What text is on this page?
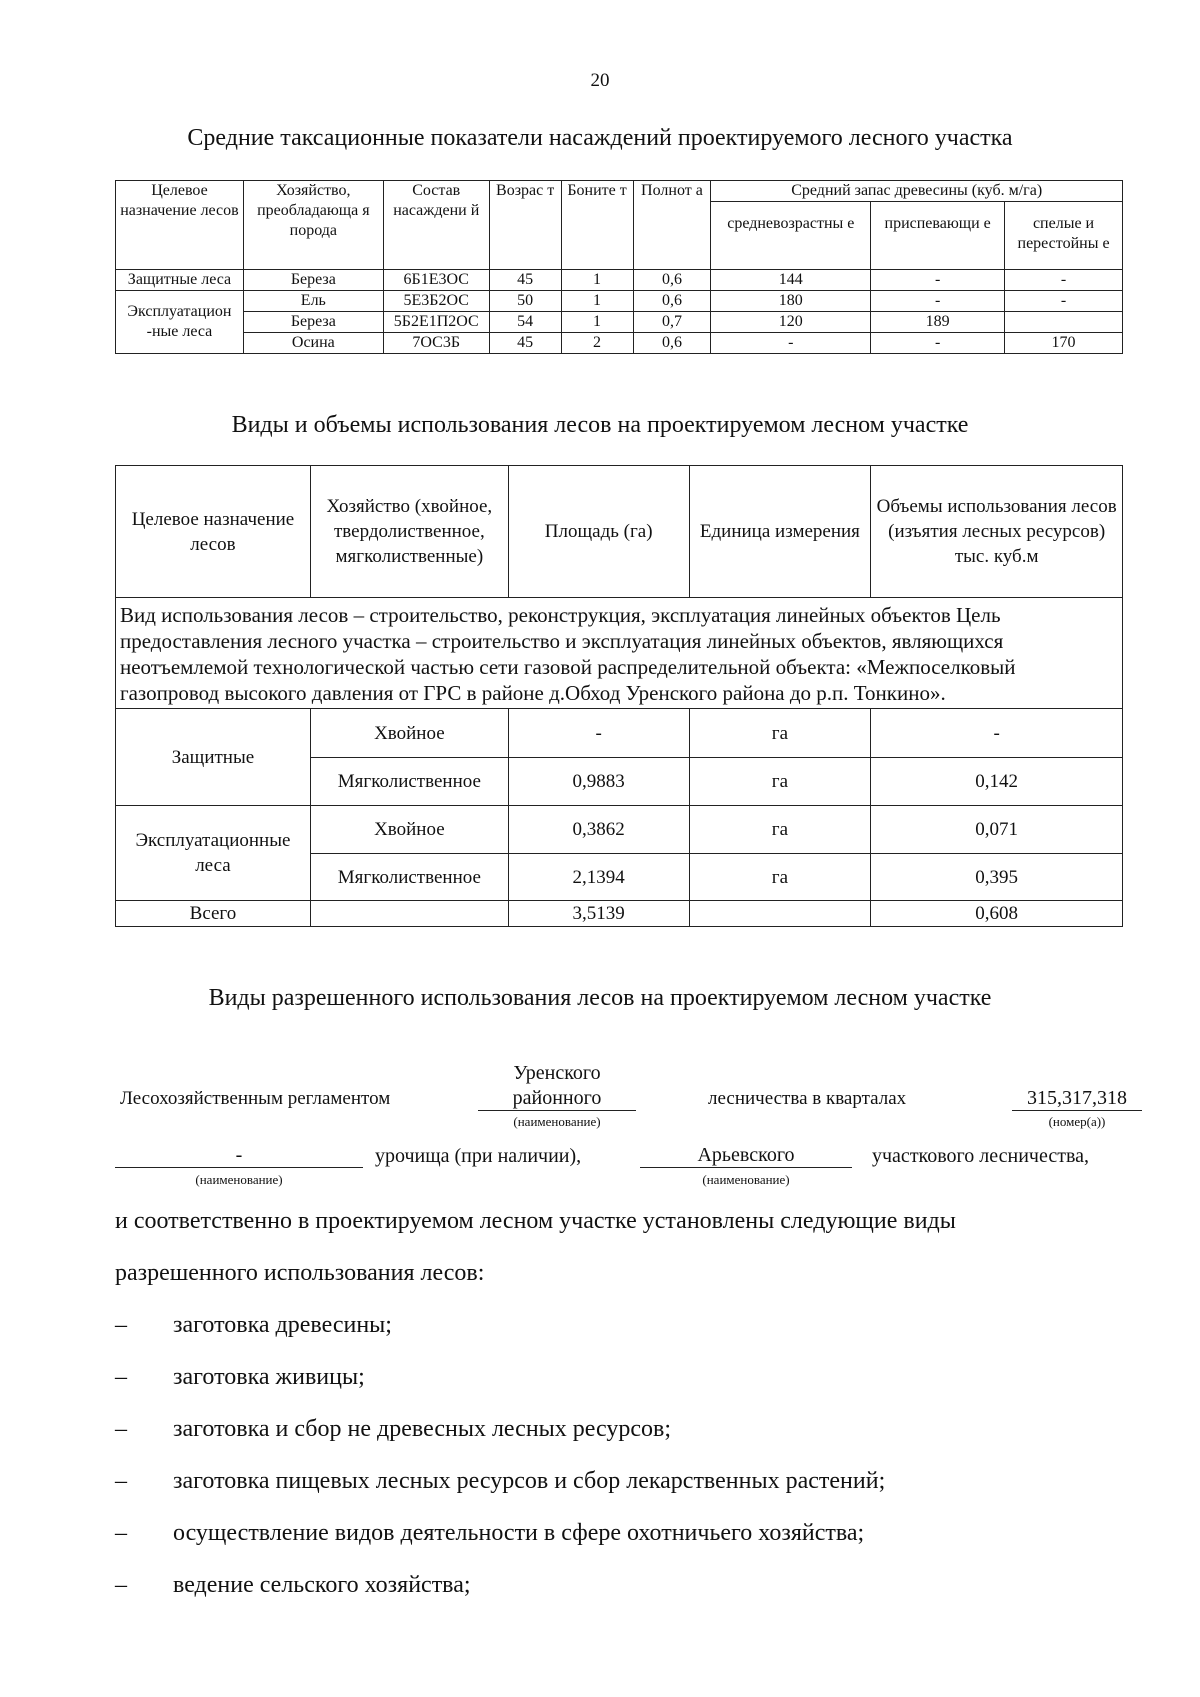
20
Средние таксационные показатели насаждений проектируемого лесного участка
Целевое назначение лесов	Хозяйство, преобладающа я порода	Состав насаждени й	Возрас т	Боните т	Полнот а	Средний запас древесины (куб. м/га)		
						средневозрастны е	приспевающи е	спелые и перестойны е
Защитные леса	Береза	6Б1Е3ОС	45	1	0,6	144	-	-
Эксплуатацион -ные леса	Ель	5Е3Б2ОС	50	1	0,6	180	-	-
	Береза	5Б2Е1П2ОС	54	1	0,7	120	189	
	Осина	7ОС3Б	45	2	0,6	-	-	170
Виды и объемы использования лесов на проектируемом лесном участке
Целевое назначение лесов	Хозяйство (хвойное, твердолиственное, мягколиственные)	Площадь (га)	Единица измерения	Объемы использования лесов (изъятия лесных ресурсов) тыс. куб.м
Вид использования лесов – строительство, реконструкция, эксплуатация линейных объектов Цель предоставления лесного участка – строительство и эксплуатация линейных объектов, являющихся неотъемлемой технологической частью сети газовой распределительной объекта: «Межпоселковый газопровод высокого давления от ГРС в районе д.Обход Уренского района до р.п. Тонкино».				
Защитные	Хвойное	-	га	-
	Мягколиственное	0,9883	га	0,142
Эксплуатационные леса	Хвойное	0,3862	га	0,071
	Мягколиственное	2,1394	га	0,395
Всего		3,5139		0,608
Виды разрешенного использования лесов на проектируемом лесном участке
Лесохозяйственным регламентом
Уренского
районного
(наименование)
лесничества в кварталах	315,317,318
(номер(а))
-
(наименование)
урочища (при наличии),	Арьевского
(наименование)
участкового лесничества,
и соответственно в проектируемом лесном участке установлены следующие виды
разрешенного использования лесов:
– заготовка древесины;
– заготовка живицы;
– заготовка и сбор не древесных лесных ресурсов;
– заготовка пищевых лесных ресурсов и сбор лекарственных растений;
– осуществление видов деятельности в сфере охотничьего хозяйства;
– ведение сельского хозяйства;
